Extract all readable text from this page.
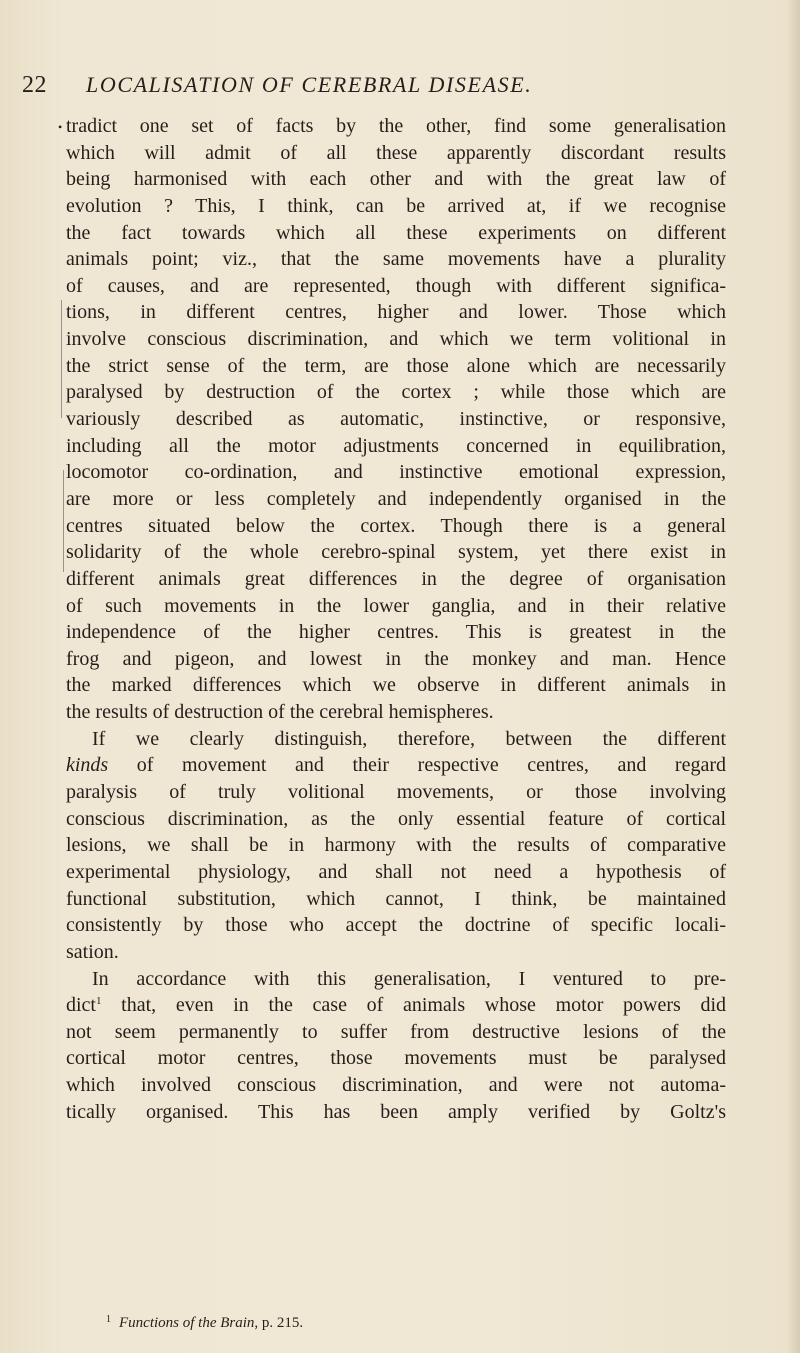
22 LOCALISATION OF CEREBRAL DISEASE.
• tradict one set of facts by the other, find some generalisation
which will admit of all these apparently discordant results
being harmonised with each other and with the great law of
evolution ? This, I think, can be arrived at, if we recognise
the fact towards which all these experiments on different
animals point; viz., that the same movements have a plurality
of causes, and are represented, though with different significa-
tions, in different centres, higher and lower. Those which
involve conscious discrimination, and which we term volitional in
the strict sense of the term, are those alone which are necessarily
paralysed by destruction of the cortex ; while those which are
variously described as automatic, instinctive, or responsive,
including all the motor adjustments concerned in equilibration,
locomotor co-ordination, and instinctive emotional expression,
are more or less completely and independently organised in the
centres situated below the cortex. Though there is a general
solidarity of the whole cerebro-spinal system, yet there exist in
different animals great differences in the degree of organisation
of such movements in the lower ganglia, and in their relative
independence of the higher centres. This is greatest in the
frog and pigeon, and lowest in the monkey and man. Hence
the marked differences which we observe in different animals in
the results of destruction of the cerebral hemispheres.
If we clearly distinguish, therefore, between the different
kinds of movement and their respective centres, and regard
paralysis of truly volitional movements, or those involving
conscious discrimination, as the only essential feature of cortical
lesions, we shall be in harmony with the results of comparative
experimental physiology, and shall not need a hypothesis of
functional substitution, which cannot, I think, be maintained
consistently by those who accept the doctrine of specific locali-
sation.
In accordance with this generalisation, I ventured to pre-
dict$^1$ that, even in the case of animals whose motor powers did
not seem permanently to suffer from destructive lesions of the
cortical motor centres, those movements must be paralysed
which involved conscious discrimination, and were not automa-
tically organised. This has been amply verified by Goltz's
$^1$ Functions of the Brain, p. 215.
